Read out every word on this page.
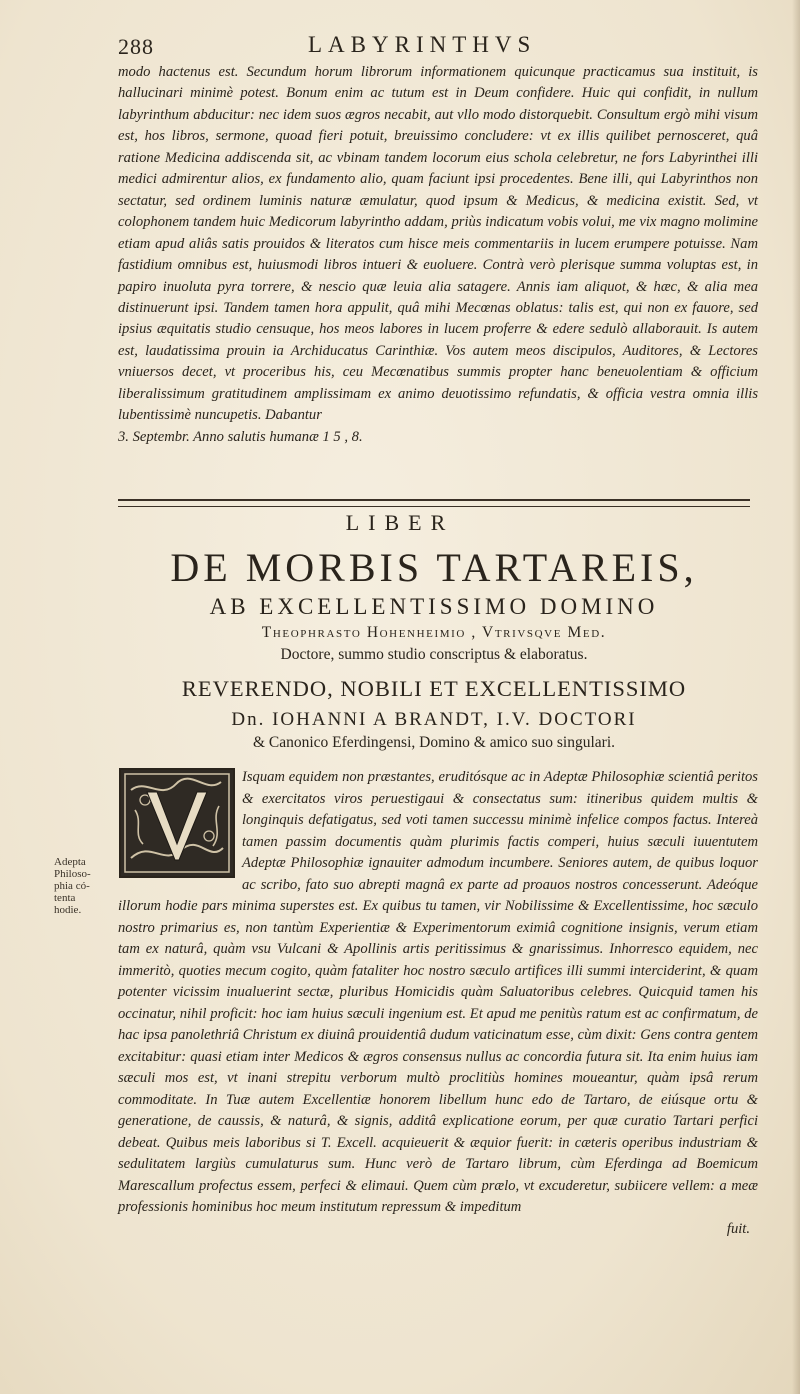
288	LABYRINTHVS

modo hactenus est. Secundum horum librorum informationem quicunque practicamus sua instituit, is hallucinari minimè potest. Bonum enim ac tutum est in Deum confidere. Huic qui confidit, in nullum labyrinthum abducitur: nec idem suos ægros necabit, aut vllo modo distorquebit. Consultum ergò mihi visum est, hos libros, sermone, quoad fieri potuit, breuissimo concludere: vt ex illis quilibet pernosceret, quâ ratione Medicina addiscenda sit, ac vbinam tandem locorum eius schola celebretur, ne fors Labyrinthei illi medici admirentur alios, ex fundamento alio, quam faciunt ipsi procedentes. Bene illi, qui Labyrinthos non sectatur, sed ordinem luminis naturæ æmulatur, quod ipsum & Medicus, & medicina existit. Sed, vt colophonem tandem huic Medicorum labyrintho addam, priùs indicatum vobis volui, me vix magno molimine etiam apud aliâs satis prouidos & literatos cum hisce meis commentariis in lucem erumpere potuisse. Nam fastidium omnibus est, huiusmodi libros intueri & euoluere. Contrà verò plerisque summa voluptas est, in papiro inuoluta pyra torrere, & nescio quæ leuia alia satagere. Annis iam aliquot, & hæc, & alia mea distinuerunt ipsi. Tandem tamen hora appulit, quâ mihi Mecœnas oblatus: talis est, qui non ex fauore, sed ipsius æquitatis studio censuque, hos meos labores in lucem proferre & edere sedulò allaborauit. Is autem est, laudatissima prouin ia Archiducatus Carinthiæ. Vos autem meos discipulos, Auditores, & Lectores vniuersos decet, vt proceribus his, ceu Mecœnatibus summis propter hanc beneuolentiam & officium liberalissimum gratitudinem amplissimam ex animo deuotissimo refundatis, & officia vestra omnia illis lubentissimè nuncupetis. Dabantur

3. Septembr. Anno salutis humanæ 1 5 , 8.

LIBER
DE MORBIS TARTAREIS,
AB EXCELLENTISSIMO DOMINO
Theophrasto Hohenheimio , Vtrivsqve Med.
Doctore, summo studio conscriptus & elaboratus.
REVERENDO, NOBILI ET EXCELLENTISSIMO
Dn. IOHANNI A BRANDT, I.V. DOCTORI
& Canonico Eferdingensi, Domino & amico suo singulari.
Adepta
Philoso-
phia có-
tenta
hodie.

Isquam equidem non præstantes, eruditósque ac in Adeptæ Philosophiæ scientiâ peritos & exercitatos viros peruestigaui & consectatus sum: itineribus quidem multis & longinquis defatigatus, sed voti tamen successu minimè infelice compos factus. Intereà tamen passim documentis quàm plurimis factis comperi, huius sæculi iuuentutem Adeptæ Philosophiæ ignauiter admodum incumbere. Seniores autem, de quibus loquor ac scribo, fato suo abrepti magnâ ex parte ad proauos nostros concesserunt. Adeóque illorum hodie pars minima superstes est. Ex quibus tu tamen, vir Nobilissime & Excellentissime, hoc sæculo nostro primarius es, non tantùm Experientiæ & Experimentorum eximiâ cognitione insignis, verum etiam tam ex naturâ, quàm vsu Vulcani & Apollinis artis peritissimus & gnarissimus. Inhorresco equidem, nec immeritò, quoties mecum cogito, quàm fataliter hoc nostro sæculo artifices illi summi interciderint, & quam potenter vicissim inualuerint sectæ, pluribus Homicidis quàm Saluatoribus celebres. Quicquid tamen his occinatur, nihil proficit: hoc iam huius sæculi ingenium est. Et apud me penitùs ratum est ac confirmatum, de hac ipsa panolethriâ Christum ex diuinâ prouidentiâ dudum vaticinatum esse, cùm dixit: Gens contra gentem excitabitur: quasi etiam inter Medicos & ægros consensus nullus ac concordia futura sit. Ita enim huius iam sæculi mos est, vt inani strepitu verborum multò proclitiùs homines moueantur, quàm ipsâ rerum commoditate. In Tuæ autem Excellentiæ honorem libellum hunc edo de Tartaro, de eiúsque ortu & generatione, de caussis, & naturâ, & signis, additâ explicatione eorum, per quæ curatio Tartari perfici debeat. Quibus meis laboribus si T. Excell. acquieuerit & æquior fuerit: in cæteris operibus industriam & sedulitatem largiùs cumulaturus sum. Hunc verò de Tartaro librum, cùm Eferdinga ad Boemicum Marescallum profectus essem, perfeci & elimaui. Quem cùm prælo, vt excuderetur, subiicere vellem: a meæ professionis hominibus hoc meum institutum repressum & impeditum

fuit.
